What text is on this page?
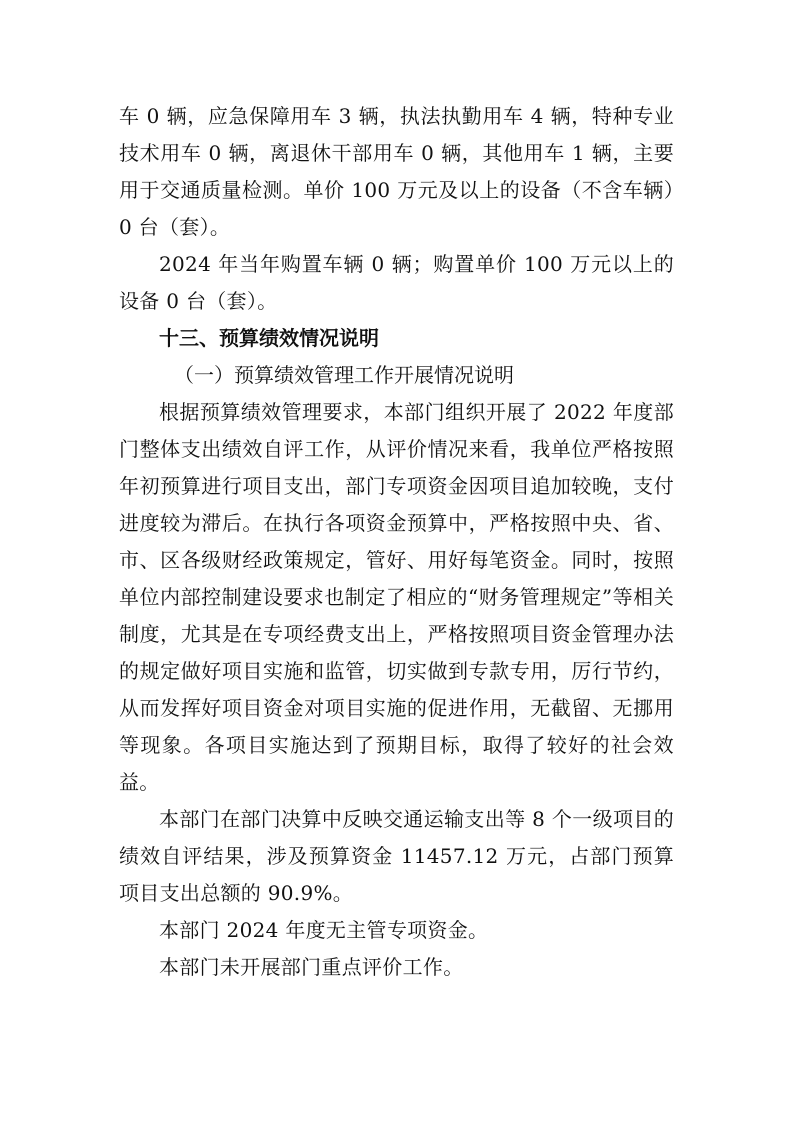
车 0 辆，应急保障用车 3 辆，执法执勤用车 4 辆，特种专业技术用车 0 辆，离退休干部用车 0 辆，其他用车 1 辆，主要用于交通质量检测。单价 100 万元及以上的设备（不含车辆）0 台（套）。

2024 年当年购置车辆 0 辆；购置单价 100 万元以上的设备 0 台（套）。

十三、预算绩效情况说明

（一）预算绩效管理工作开展情况说明

根据预算绩效管理要求，本部门组织开展了 2022 年度部门整体支出绩效自评工作，从评价情况来看，我单位严格按照年初预算进行项目支出，部门专项资金因项目追加较晚，支付进度较为滞后。在执行各项资金预算中，严格按照中央、省、市、区各级财经政策规定，管好、用好每笔资金。同时，按照单位内部控制建设要求也制定了相应的“财务管理规定”等相关制度，尤其是在专项经费支出上，严格按照项目资金管理办法的规定做好项目实施和监管，切实做到专款专用，厉行节约，从而发挥好项目资金对项目实施的促进作用，无截留、无挪用等现象。各项目实施达到了预期目标，取得了较好的社会效益。

本部门在部门决算中反映交通运输支出等 8 个一级项目的绩效自评结果，涉及预算资金 11457.12 万元，占部门预算项目支出总额的 90.9%。

本部门 2024 年度无主管专项资金。

本部门未开展部门重点评价工作。
